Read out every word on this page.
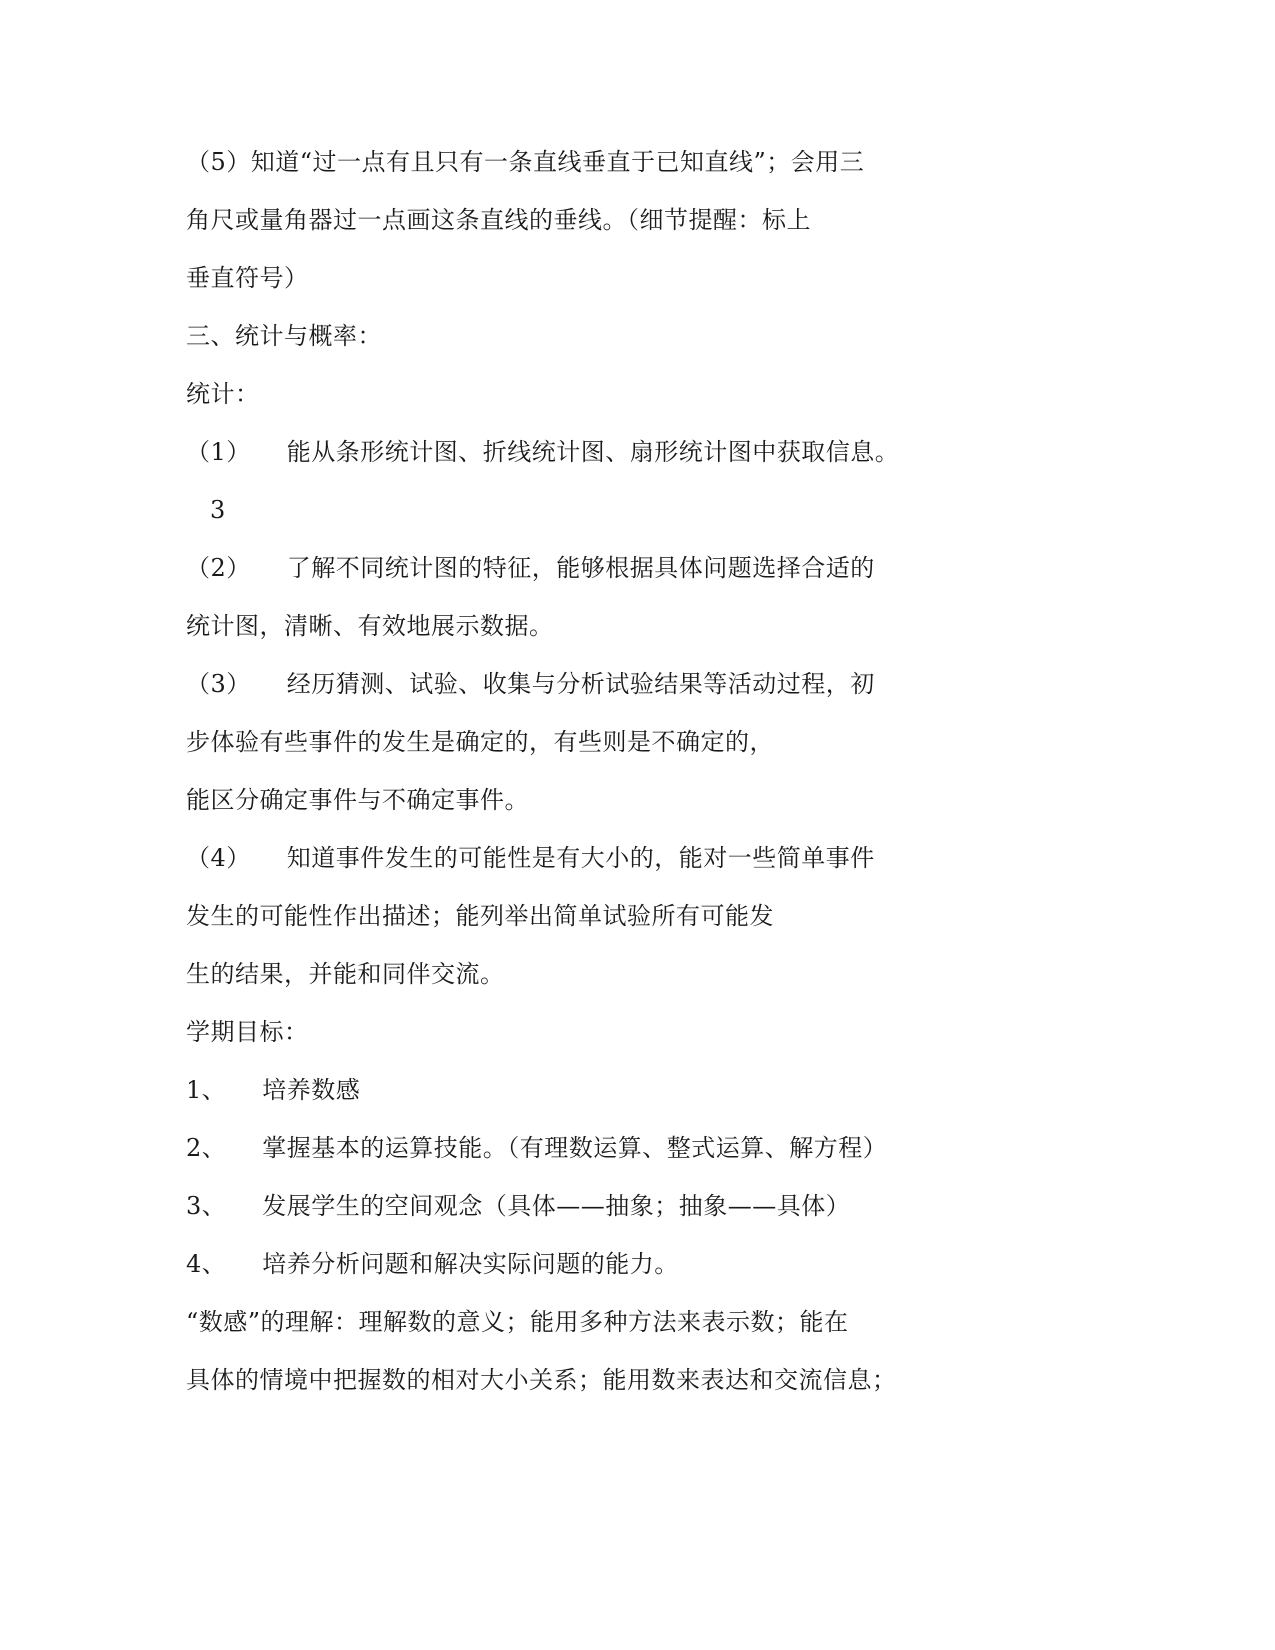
（5）知道“过一点有且只有一条直线垂直于已知直线”；会用三
角尺或量角器过一点画这条直线的垂线。（细节提醒：标上
垂直符号）
三、统计与概率：
统计：
（1） 能从条形统计图、折线统计图、扇形统计图中获取信息。
3
（2） 了解不同统计图的特征，能够根据具体问题选择合适的
统计图，清晰、有效地展示数据。
（3） 经历猜测、试验、收集与分析试验结果等活动过程，初
步体验有些事件的发生是确定的，有些则是不确定的，
能区分确定事件与不确定事件。
（4） 知道事件发生的可能性是有大小的，能对一些简单事件
发生的可能性作出描述；能列举出简单试验所有可能发
生的结果，并能和同伴交流。
学期目标：
1、 培养数感
2、 掌握基本的运算技能。（有理数运算、整式运算、解方程）
3、 发展学生的空间观念（具体——抽象；抽象——具体）
4、 培养分析问题和解决实际问题的能力。
“数感”的理解：理解数的意义；能用多种方法来表示数；能在
具体的情境中把握数的相对大小关系；能用数来表达和交流信息；
